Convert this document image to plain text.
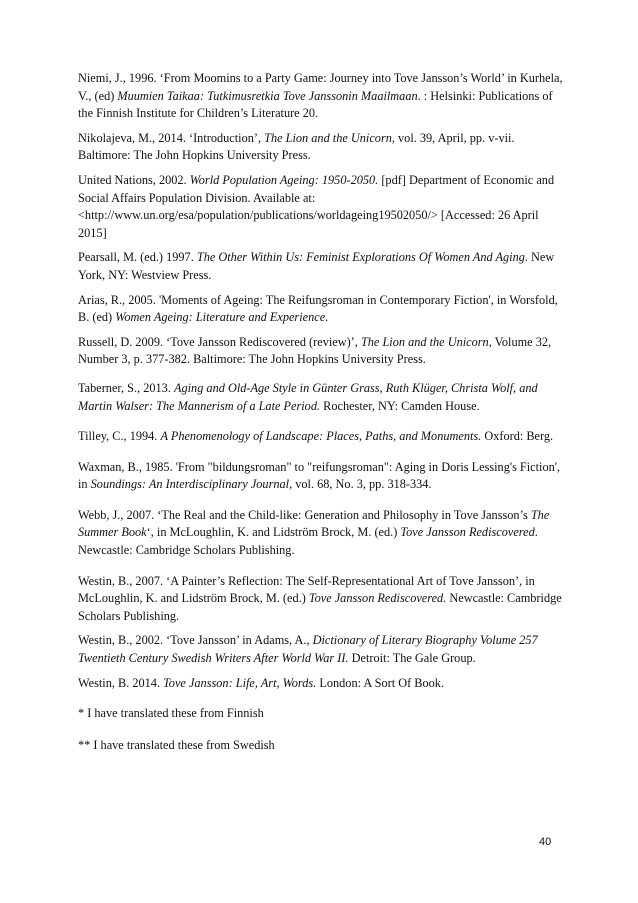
Niemi, J., 1996. ‘From Moomins to a Party Game: Journey into Tove Jansson’s World’ in Kurhela, V., (ed) Muumien Taikaa: Tutkimusretkia Tove Janssonin Maailmaan. : Helsinki: Publications of the Finnish Institute for Children’s Literature 20.

Nikolajeva, M., 2014. ‘Introduction’, The Lion and the Unicorn, vol. 39, April, pp. v-vii. Baltimore: The John Hopkins University Press.

United Nations, 2002. World Population Ageing: 1950-2050. [pdf] Department of Economic and Social Affairs Population Division. Available at: <http://www.un.org/esa/population/publications/worldageing19502050/> [Accessed: 26 April 2015]

Pearsall, M. (ed.) 1997. The Other Within Us: Feminist Explorations Of Women And Aging. New York, NY: Westview Press.

Arias, R., 2005. 'Moments of Ageing: The Reifungsroman in Contemporary Fiction', in Worsfold, B. (ed) Women Ageing: Literature and Experience.

Russell, D. 2009. ‘Tove Jansson Rediscovered (review)’, The Lion and the Unicorn, Volume 32, Number 3, p. 377-382. Baltimore: The John Hopkins University Press.

Taberner, S., 2013. Aging and Old-Age Style in Günter Grass, Ruth Klüger, Christa Wolf, and Martin Walser: The Mannerism of a Late Period. Rochester, NY: Camden House.

Tilley, C., 1994. A Phenomenology of Landscape: Places, Paths, and Monuments. Oxford: Berg.

Waxman, B., 1985. 'From "bildungsroman" to "reifungsroman": Aging in Doris Lessing's Fiction', in Soundings: An Interdisciplinary Journal, vol. 68, No. 3, pp. 318-334.

Webb, J., 2007. ‘The Real and the Child-like: Generation and Philosophy in Tove Jansson’s The Summer Book‘, in McLoughlin, K. and Lidström Brock, M. (ed.) Tove Jansson Rediscovered. Newcastle: Cambridge Scholars Publishing.

Westin, B., 2007. ‘A Painter’s Reflection: The Self-Representational Art of Tove Jansson’, in McLoughlin, K. and Lidström Brock, M. (ed.) Tove Jansson Rediscovered. Newcastle: Cambridge Scholars Publishing.

Westin, B., 2002. ‘Tove Jansson’ in Adams, A., Dictionary of Literary Biography Volume 257 Twentieth Century Swedish Writers After World War II. Detroit: The Gale Group.

Westin, B. 2014. Tove Jansson: Life, Art, Words. London: A Sort Of Book.

* I have translated these from Finnish

** I have translated these from Swedish

40
